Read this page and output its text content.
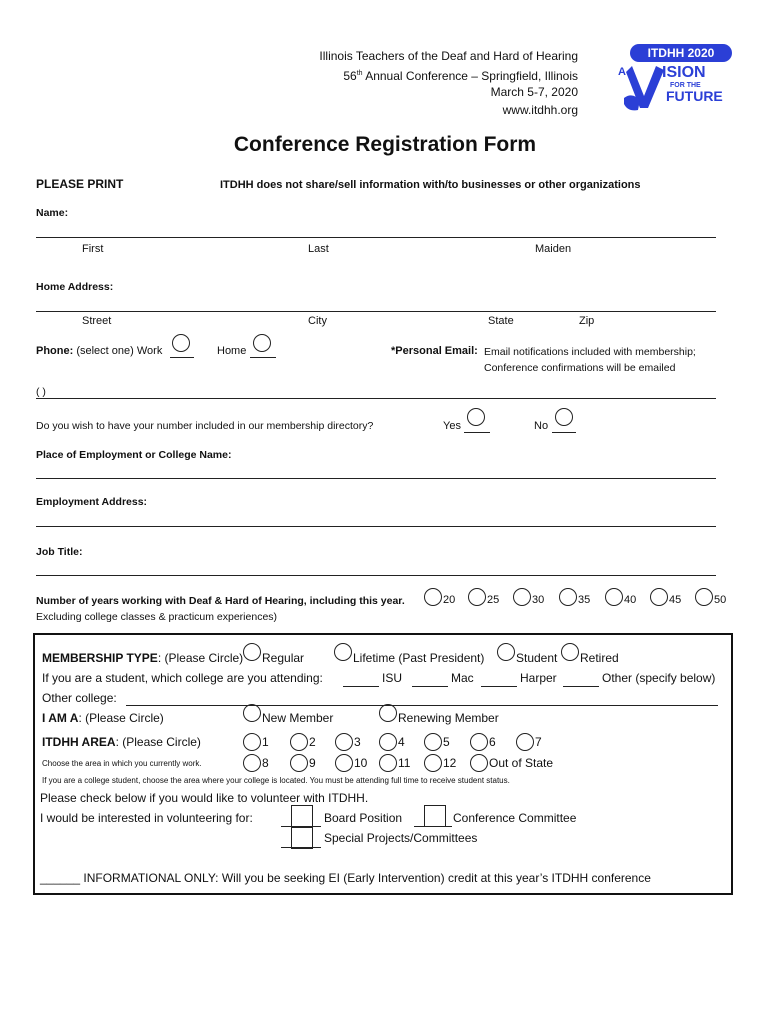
Illinois Teachers of the Deaf and Hard of Hearing
56th Annual Conference – Springfield, Illinois
March 5-7, 2020
www.itdhh.org
ITDHH 2020
A ISION
FOR THE
FUTURE
Conference Registration Form
PLEASE PRINT	ITDHH does not share/sell information with/to businesses or other organizations
Name:
First	Last	Maiden
Home Address:
Street	City	State	Zip
Phone: (select one) Work	Home	*Personal Email: Email notifications included with membership;
Conference confirmations will be emailed
( )
Do you wish to have your number included in our membership directory?	Yes	No
Place of Employment or College Name:
Employment Address:
Job Title:
Number of years working with Deaf & Hard of Hearing, including this year.
Excluding college classes & practicum experiences)
20	25	30	35	40	45	50
MEMBERSHIP TYPE: (Please Circle) Regular	Lifetime (Past President)	Student Retired
If you are a student, which college are you attending:	ISU	Mac	Harper	Other (specify below)
Other college:
I AM A: (Please Circle)	New Member	Renewing Member
ITDHH AREA: (Please Circle)	1	2	3	4	5	6	7
Choose the area in which you currently work.	8	9	10	11	12	Out of State
If you are a college student, choose the area where your college is located. You must be attending full time to receive student status.
Please check below if you would like to volunteer with ITDHH.
I would be interested in volunteering for:	Board Position	Conference Committee
Special Projects/Committees
______ INFORMATIONAL ONLY: Will you be seeking EI (Early Intervention) credit at this year’s ITDHH conference
